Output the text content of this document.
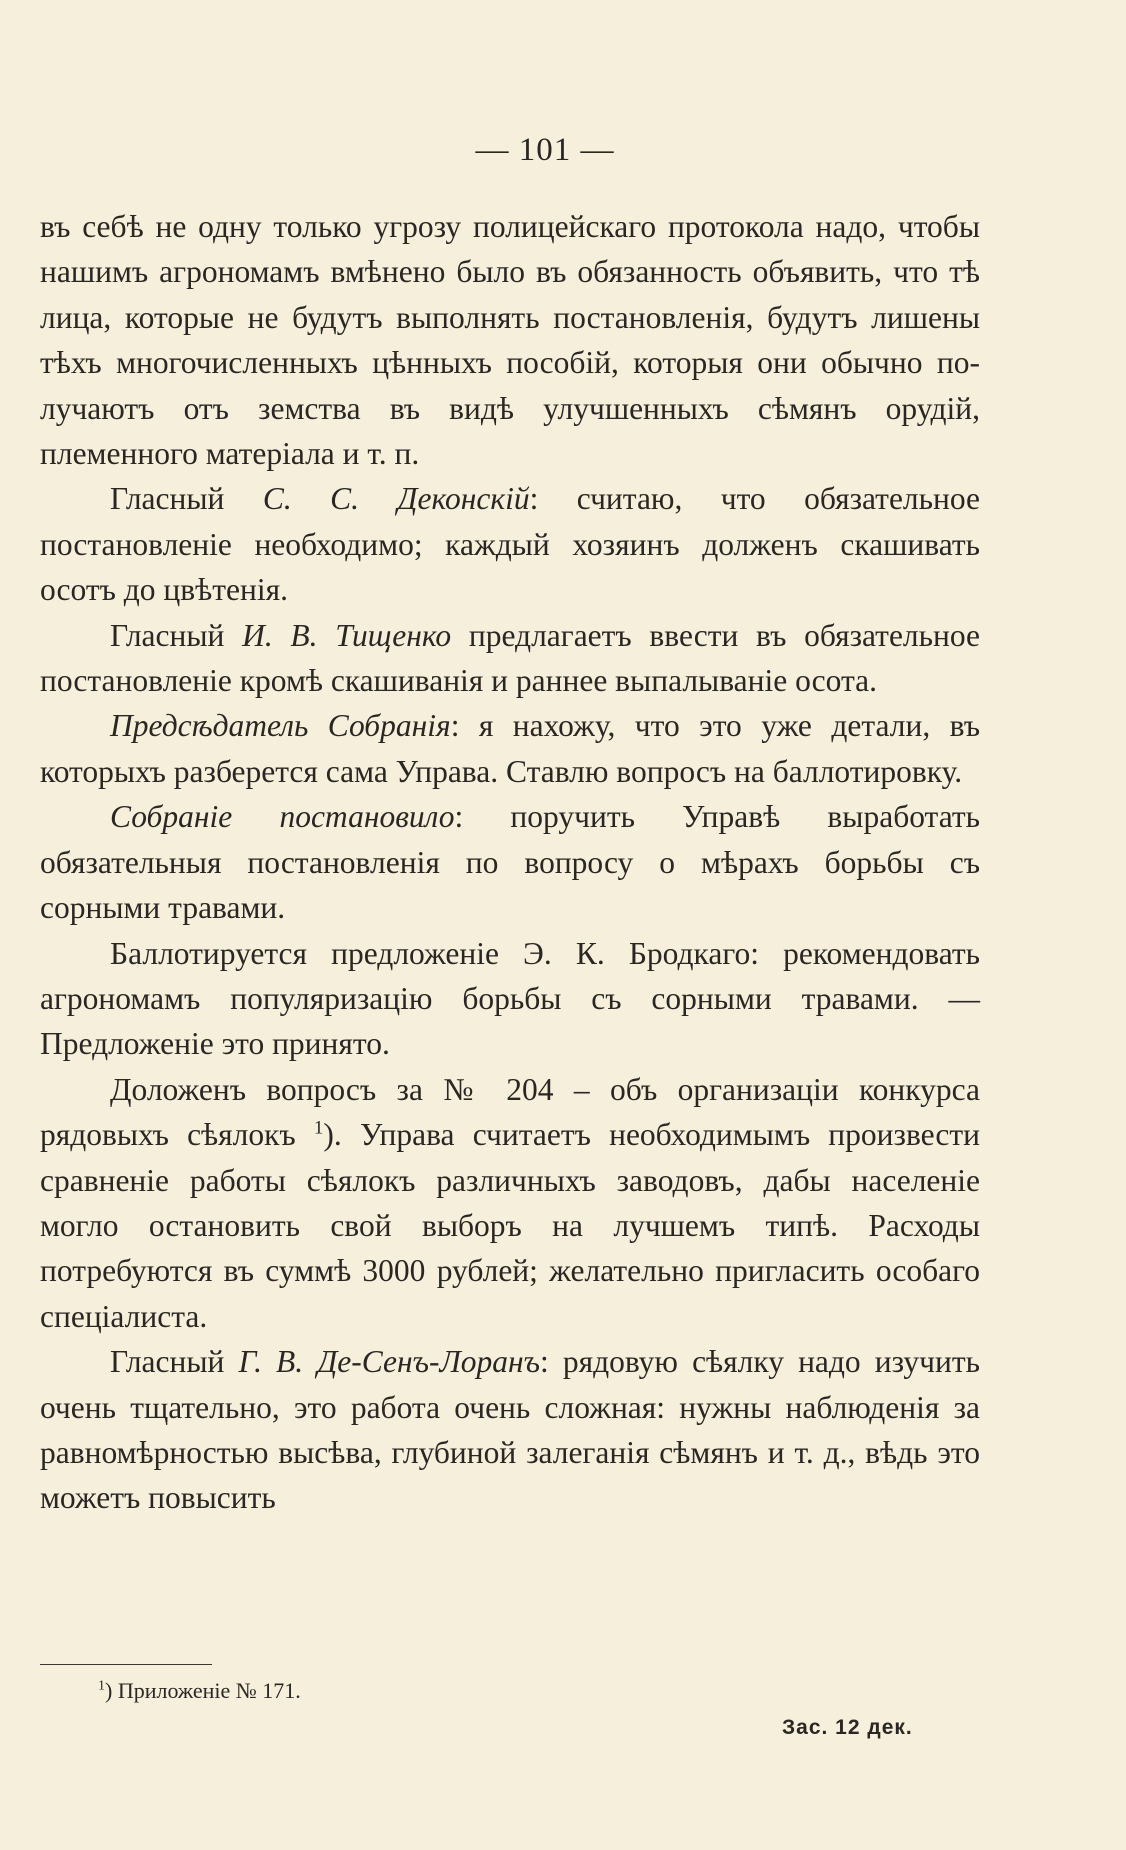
— 101 —

въ себѣ не одну только угрозу полицейскаго протокола надо, чтобы нашимъ агрономамъ вмѣнено было въ обязанность объявить, что тѣ лица, которые не будутъ выполнять постановленія, будутъ лишены тѣхъ многочисленныхъ цѣнныхъ пособій, которыя они обычно получаютъ отъ земства въ видѣ улучшенныхъ сѣмянъ орудій, племенного матеріала и т. п.

Гласный С. С. Деконскій: считаю, что обязательное постановленіе необходимо; каждый хозяинъ долженъ скашивать осотъ до цвѣтенія.

Гласный И. В. Тищенко предлагаетъ ввести въ обязательное постановленіе кромѣ скашиванія и раннее выпалываніе осота.

Предсѣдатель Собранія: я нахожу, что это уже детали, въ которыхъ разберется сама Управа. Ставлю вопросъ на баллотировку.

Собраніе постановило: поручить Управѣ выработать обязательныя постановленія по вопросу о мѣрахъ борьбы съ сорными травами.

Баллотируется предложеніе Э. К. Бродкаго: рекомендовать агрономамъ популяризацію борьбы съ сорными травами. —Предложеніе это принято.

Доложенъ вопросъ за № 204 – объ организаціи конкурса рядовыхъ сѣялокъ $^1$). Управа считаетъ необходимымъ произвести сравненіе работы сѣялокъ различныхъ заводовъ, дабы населеніе могло остановить свой выборъ на лучшемъ типѣ. Расходы потребуются въ суммѣ 3000 рублей; желательно пригласить особаго спеціалиста.

Гласный Г. В. Де-Сенъ-Лоранъ: рядовую сѣялку надо изучить очень тщательно, это работа очень сложная: нужны наблюденія за равномѣрностью высѣва, глубиной залеганія сѣмянъ и т. д., вѣдь это можетъ повысить

$^1$) Приложеніе № 171.
Зас. 12 дек.
